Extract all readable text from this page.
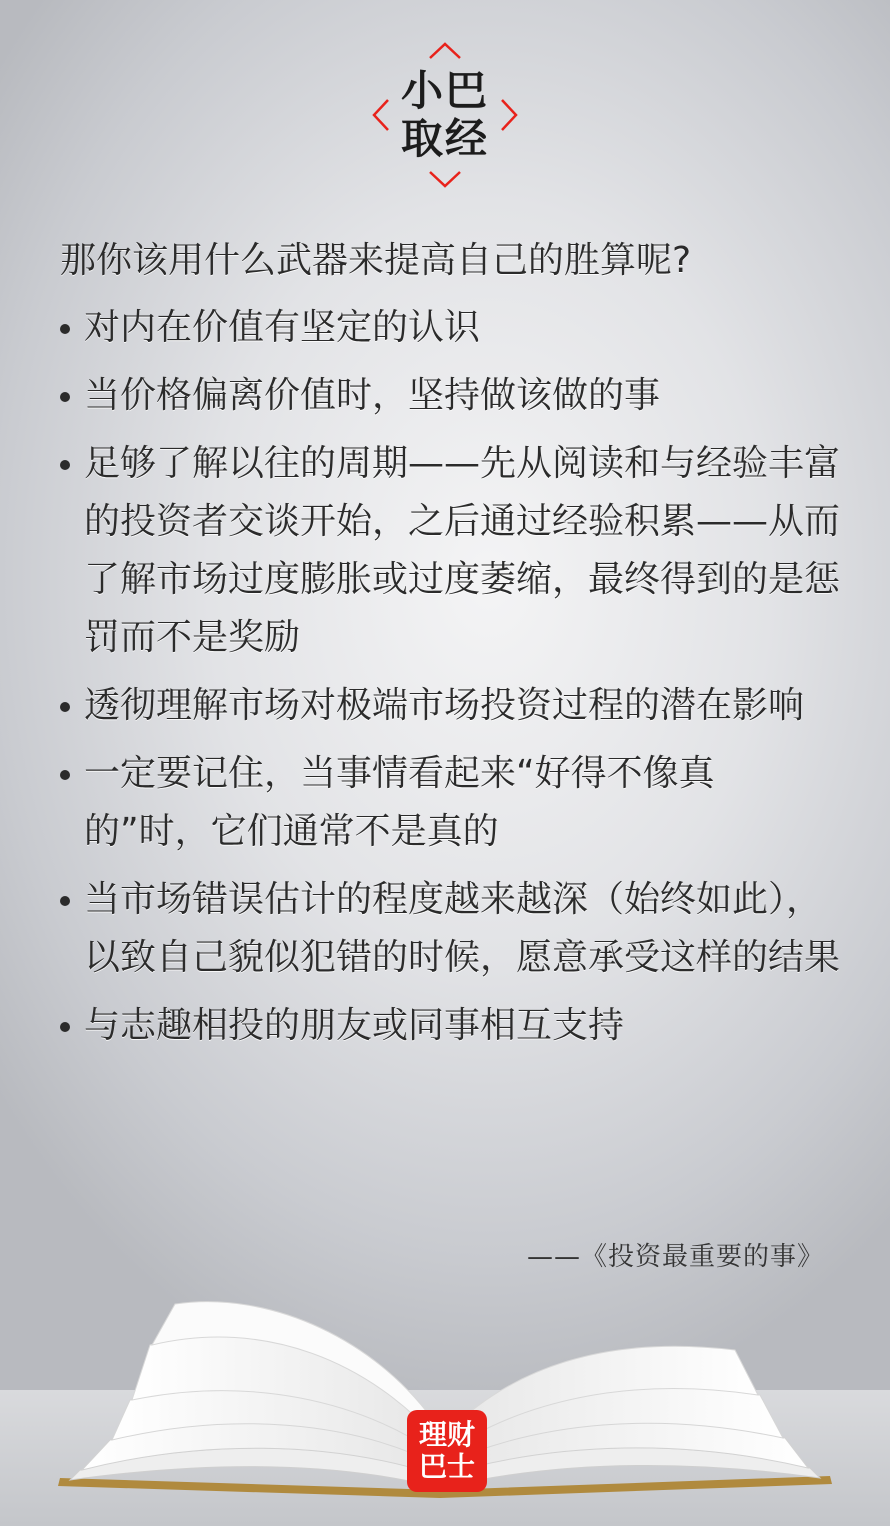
小巴
取经

那你该用什么武器来提高自己的胜算呢?

对内在价值有坚定的认识
当价格偏离价值时，坚持做该做的事
足够了解以往的周期——先从阅读和与经验丰富的投资者交谈开始，之后通过经验积累——从而了解市场过度膨胀或过度萎缩，最终得到的是惩罚而不是奖励
透彻理解市场对极端市场投资过程的潜在影响
一定要记住，当事情看起来“好得不像真的”时，它们通常不是真的
当市场错误估计的程度越来越深（始终如此），以致自己貌似犯错的时候，愿意承受这样的结果
与志趣相投的朋友或同事相互支持
——《投资最重要的事》
理财
巴士
